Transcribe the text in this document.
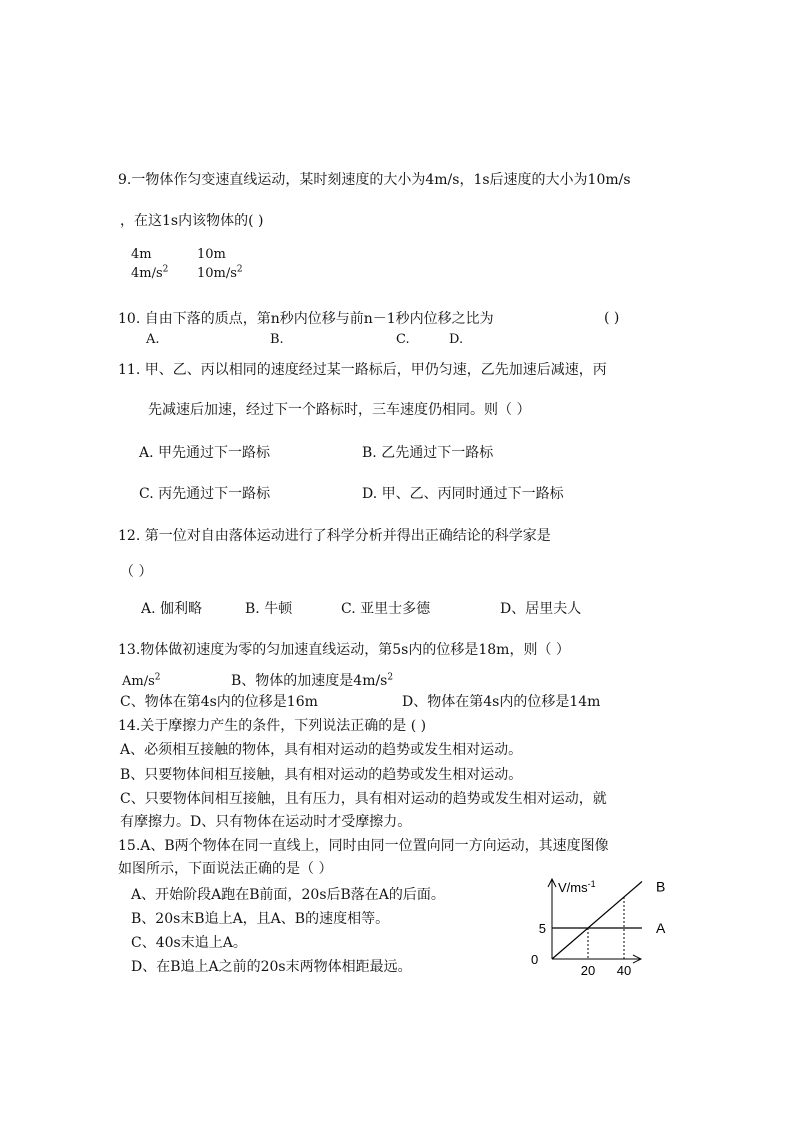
9.一物体作匀变速直线运动，某时刻速度的大小为4m/s，1s后速度的大小为10m/s
，在这1s内该物体的( )
4m	10m
$4m/s^2$ $10m/s^2$
10. 自由下落的质点，第n秒内位移与前n－1秒内位移之比为	( )
A.	B.	C.	D.
11. 甲、乙、丙以相同的速度经过某一路标后，甲仍匀速，乙先加速后减速，丙
先减速后加速，经过下一个路标时，三车速度仍相同。则（ ）
A. 甲先通过下一路标	B. 乙先通过下一路标
C. 丙先通过下一路标	D. 甲、乙、丙同时通过下一路标
12. 第一位对自由落体运动进行了科学分析并得出正确结论的科学家是
（ ）
A. 伽利略	B. 牛顿	C. 亚里士多德	D、居里夫人
13.物体做初速度为零的匀加速直线运动，第5s内的位移是18m，则（ ）
$Am/s^2$	B、物体的加速度是$4m/s^2$
C、物体在第4s内的位移是16m	D、物体在第4s内的位移是14m
14.关于摩擦力产生的条件，下列说法正确的是 ( )
A、必须相互接触的物体，具有相对运动的趋势或发生相对运动。
B、只要物体间相互接触，具有相对运动的趋势或发生相对运动。
C、只要物体间相互接触，且有压力，具有相对运动的趋势或发生相对运动，就
有摩擦力。D、只有物体在运动时才受摩擦力。
15.A、B两个物体在同一直线上，同时由同一位置向同一方向运动，其速度图像
如图所示，下面说法正确的是（ ）
A、开始阶段A跑在B前面，20s后B落在A的后面。
B、20s末B追上A，且A、B的速度相等。
C、40s末追上A。
D、在B追上A之前的20s末两物体相距最远。
$V/ms^{-1}$
0
20 40
5	A
B
